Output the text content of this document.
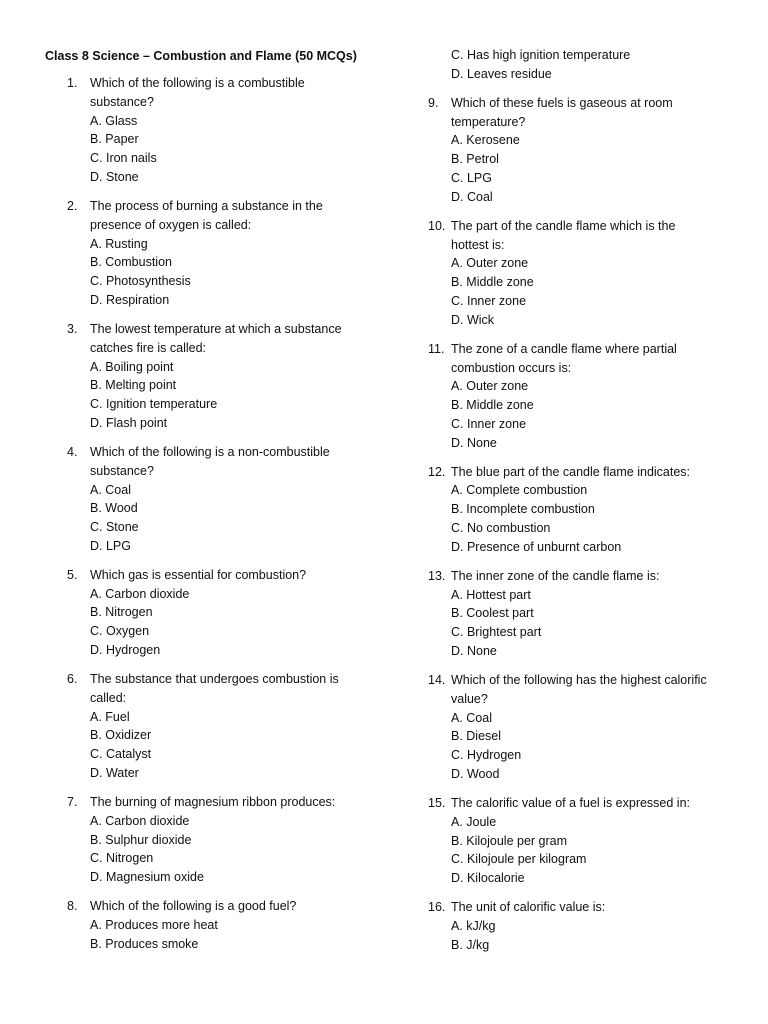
Class 8 Science – Combustion and Flame (50 MCQs)
1.	Which of the following is a combustible
substance?
A. Glass
B. Paper
C. Iron nails
D. Stone
2.	The process of burning a substance in the
presence of oxygen is called:
A. Rusting
B. Combustion
C. Photosynthesis
D. Respiration
3.	The lowest temperature at which a substance
catches fire is called:
A. Boiling point
B. Melting point
C. Ignition temperature
D. Flash point
4.	Which of the following is a non-combustible
substance?
A. Coal
B. Wood
C. Stone
D. LPG
5.	Which gas is essential for combustion?
A. Carbon dioxide
B. Nitrogen
C. Oxygen
D. Hydrogen
6.	The substance that undergoes combustion is
called:
A. Fuel
B. Oxidizer
C. Catalyst
D. Water
7.	The burning of magnesium ribbon produces:
A. Carbon dioxide
B. Sulphur dioxide
C. Nitrogen
D. Magnesium oxide
8.	Which of the following is a good fuel?
A. Produces more heat
B. Produces smoke
C. Has high ignition temperature
D. Leaves residue
9.	Which of these fuels is gaseous at room
temperature?
A. Kerosene
B. Petrol
C. LPG
D. Coal
10. The part of the candle flame which is the
hottest is:
A. Outer zone
B. Middle zone
C. Inner zone
D. Wick
11. The zone of a candle flame where partial
combustion occurs is:
A. Outer zone
B. Middle zone
C. Inner zone
D. None
12. The blue part of the candle flame indicates:
A. Complete combustion
B. Incomplete combustion
C. No combustion
D. Presence of unburnt carbon
13. The inner zone of the candle flame is:
A. Hottest part
B. Coolest part
C. Brightest part
D. None
14. Which of the following has the highest calorific
value?
A. Coal
B. Diesel
C. Hydrogen
D. Wood
15. The calorific value of a fuel is expressed in:
A. Joule
B. Kilojoule per gram
C. Kilojoule per kilogram
D. Kilocalorie
16. The unit of calorific value is:
A. kJ/kg
B. J/kg
